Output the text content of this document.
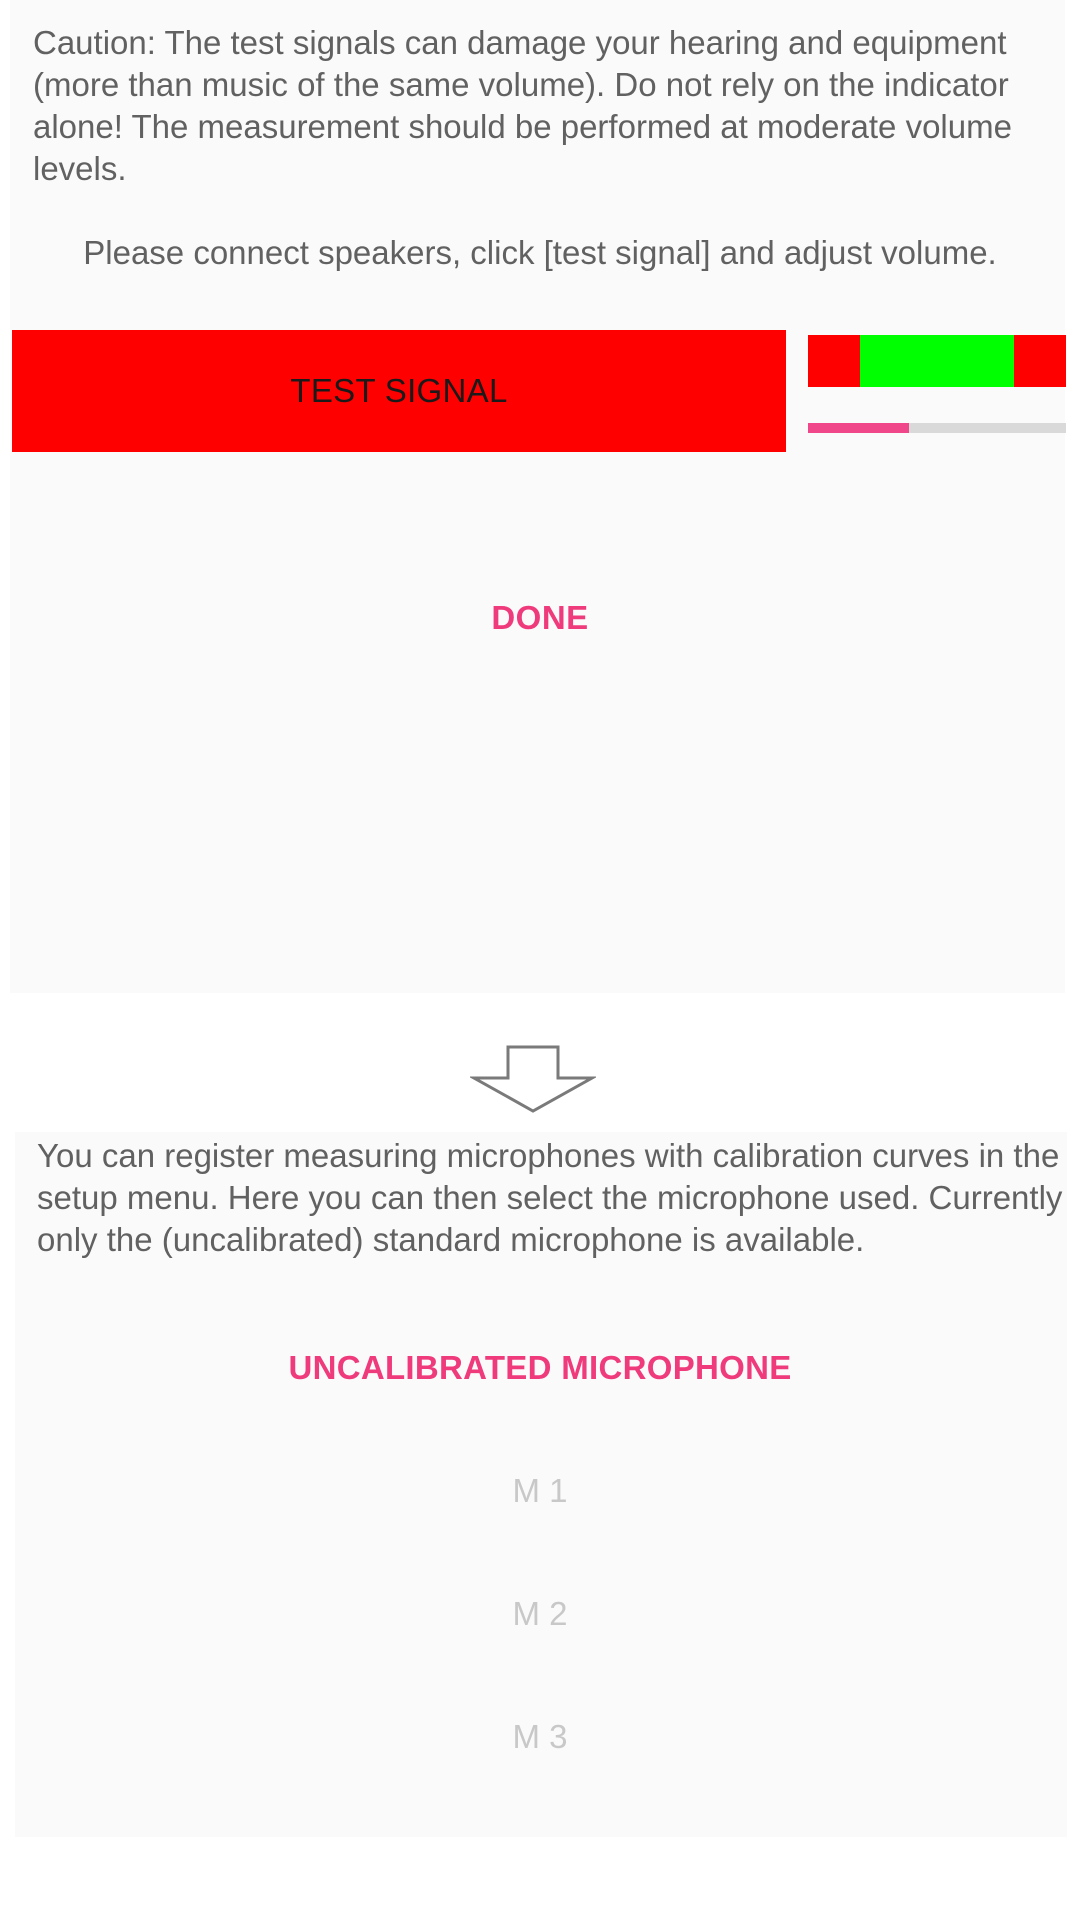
Caution: The test signals can damage your hearing and equipment (more than music of the same volume). Do not rely on the indicator alone! The measurement should be performed at moderate volume levels.
Please connect speakers, click [test signal] and adjust volume.
TEST SIGNAL
DONE
You can register measuring microphones with calibration curves in the setup menu. Here you can then select the microphone used. Currently only the (uncalibrated) standard microphone is available.
UNCALIBRATED MICROPHONE
M 1
M 2
M 3
